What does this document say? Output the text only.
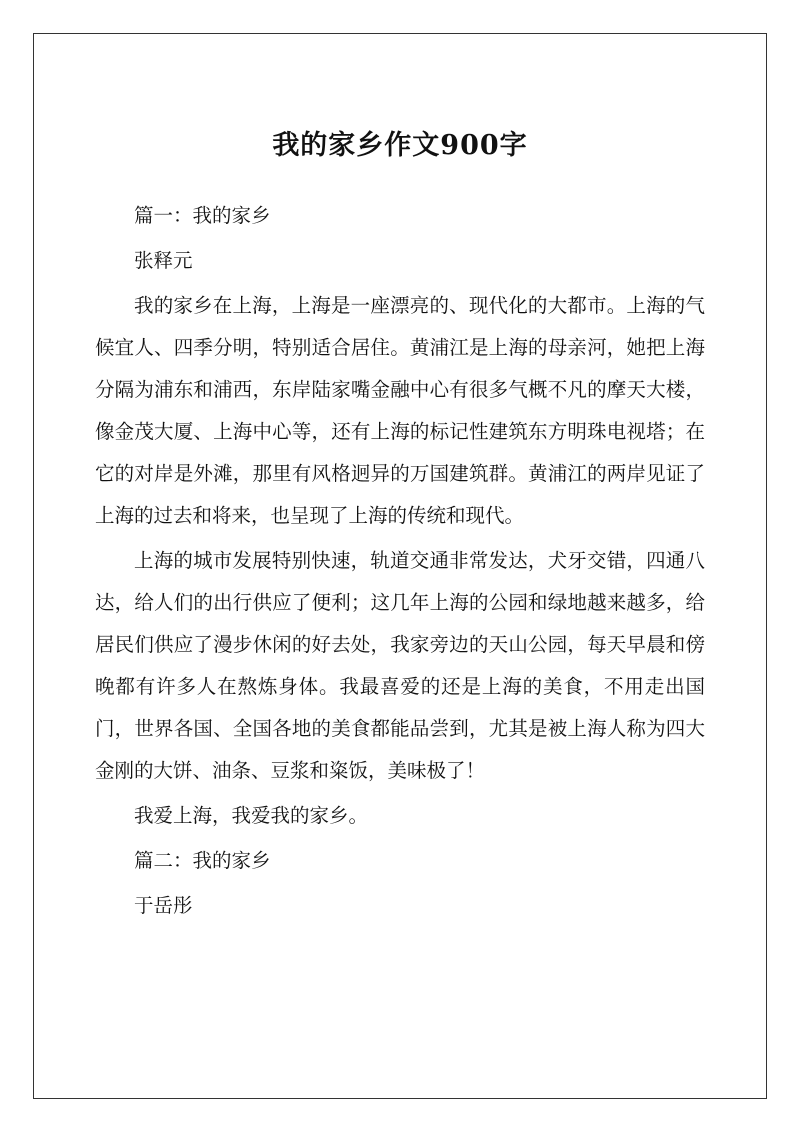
我的家乡作文900字

篇一：我的家乡

张释元

我的家乡在上海，上海是一座漂亮的、现代化的大都市。上海的气候宜人、四季分明，特别适合居住。黄浦江是上海的母亲河，她把上海分隔为浦东和浦西，东岸陆家嘴金融中心有很多气概不凡的摩天大楼，像金茂大厦、上海中心等，还有上海的标记性建筑东方明珠电视塔；在它的对岸是外滩，那里有风格迥异的万国建筑群。黄浦江的两岸见证了上海的过去和将来，也呈现了上海的传统和现代。

上海的城市发展特别快速，轨道交通非常发达，犬牙交错，四通八达，给人们的出行供应了便利；这几年上海的公园和绿地越来越多，给居民们供应了漫步休闲的好去处，我家旁边的天山公园，每天早晨和傍晚都有许多人在熬炼身体。我最喜爱的还是上海的美食，不用走出国门，世界各国、全国各地的美食都能品尝到，尤其是被上海人称为四大金刚的大饼、油条、豆浆和粢饭，美味极了！

我爱上海，我爱我的家乡。

篇二：我的家乡

于岳彤
